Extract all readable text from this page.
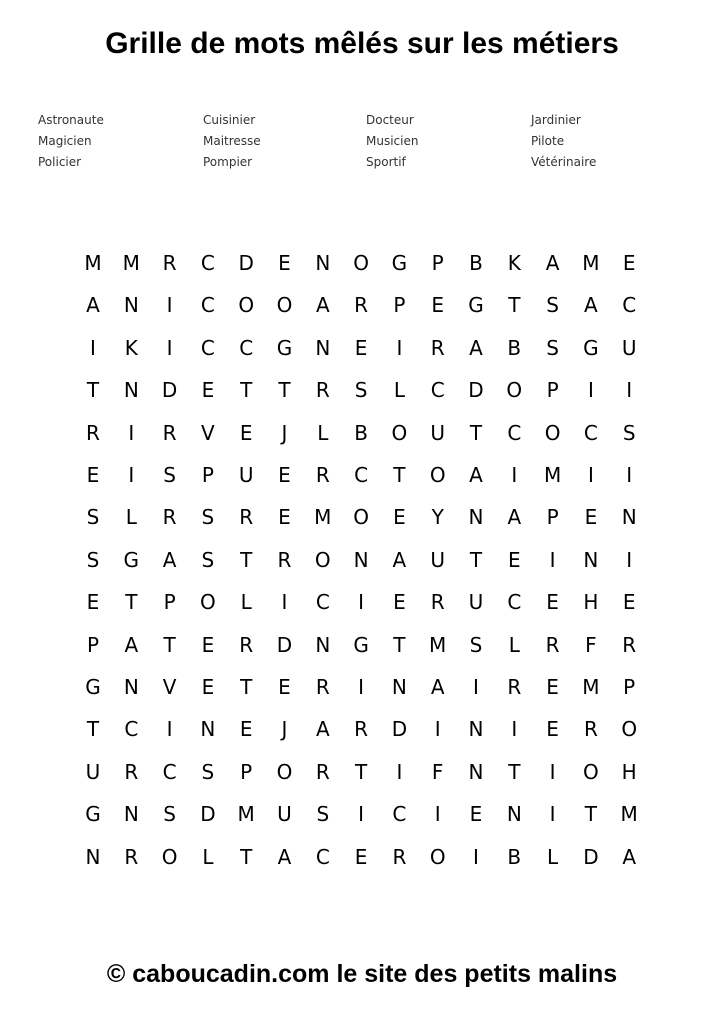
Grille de mots mêlés sur les métiers
Astronaute	Cuisinier	Docteur	Jardinier
Magicien	Maitresse	Musicien	Pilote
Policier	Pompier	Sportif	Vétérinaire
M	M	R	C	D	E	N	O	G	P	B	K	A	M	E
A	N	I	C	O	O	A	R	P	E	G	T	S	A	C
I	K	I	C	C	G	N	E	I	R	A	B	S	G	U
T	N	D	E	T	T	R	S	L	C	D	O	P	I	I
R	I	R	V	E	J	L	B	O	U	T	C	O	C	S
E	I	S	P	U	E	R	C	T	O	A	I	M	I	I
S	L	R	S	R	E	M	O	E	Y	N	A	P	E	N
S	G	A	S	T	R	O	N	A	U	T	E	I	N	I
E	T	P	O	L	I	C	I	E	R	U	C	E	H	E
P	A	T	E	R	D	N	G	T	M	S	L	R	F	R
G	N	V	E	T	E	R	I	N	A	I	R	E	M	P
T	C	I	N	E	J	A	R	D	I	N	I	E	R	O
U	R	C	S	P	O	R	T	I	F	N	T	I	O	H
G	N	S	D	M	U	S	I	C	I	E	N	I	T	M
N	R	O	L	T	A	C	E	R	O	I	B	L	D	A

© caboucadin.com le site des petits malins
